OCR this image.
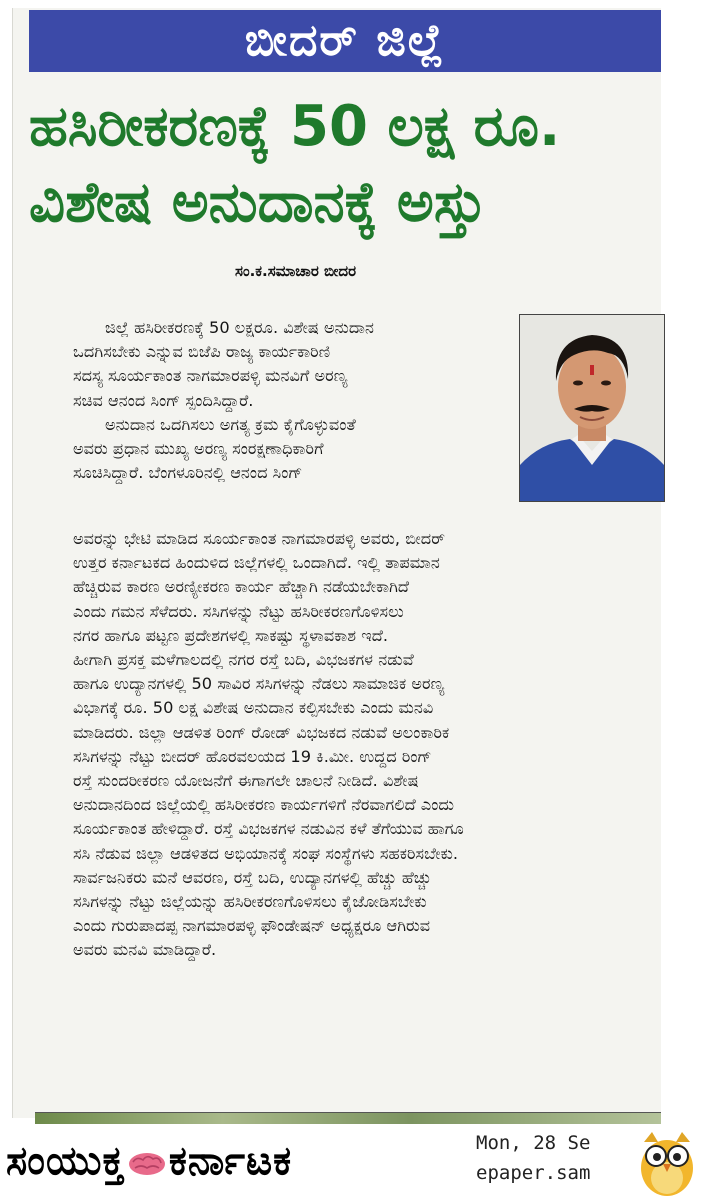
ಬೀದರ್ ಜಿಲ್ಲೆ
ಹಸಿರೀಕರಣಕ್ಕೆ 50 ಲಕ್ಷ ರೂ.
ವಿಶೇಷ ಅನುದಾನಕ್ಕೆ ಅಸ್ತು
ಸಂ.ಕ.ಸಮಾಚಾರ ಬೀದರ
ಜಿಲ್ಲೆ ಹಸಿರೀಕರಣಕ್ಕೆ 50 ಲಕ್ಷರೂ. ವಿಶೇಷ ಅನುದಾನ
ಒದಗಿಸಬೇಕು ಎನ್ನುವ ಬಿಜೆಪಿ ರಾಜ್ಯ ಕಾರ್ಯಕಾರಿಣಿ
ಸದಸ್ಯ ಸೂರ್ಯಕಾಂತ ನಾಗಮಾರಪಳ್ಳಿ ಮನವಿಗೆ ಅರಣ್ಯ
ಸಚಿವ ಆನಂದ ಸಿಂಗ್ ಸ್ಪಂದಿಸಿದ್ದಾರೆ.
ಅನುದಾನ ಒದಗಿಸಲು ಅಗತ್ಯ ಕ್ರಮ ಕೈಗೊಳ್ಳುವಂತೆ
ಅವರು ಪ್ರಧಾನ ಮುಖ್ಯ ಅರಣ್ಯ ಸಂರಕ್ಷಣಾಧಿಕಾರಿಗೆ
ಸೂಚಿಸಿದ್ದಾರೆ. ಬೆಂಗಳೂರಿನಲ್ಲಿ ಆನಂದ ಸಿಂಗ್
ಅವರನ್ನು ಭೇಟಿ ಮಾಡಿದ ಸೂರ್ಯಕಾಂತ ನಾಗಮಾರಪಳ್ಳಿ ಅವರು, ಬೀದರ್
ಉತ್ತರ ಕರ್ನಾಟಕದ ಹಿಂದುಳಿದ ಜಿಲ್ಲೆಗಳಲ್ಲಿ ಒಂದಾಗಿದೆ. ಇಲ್ಲಿ ತಾಪಮಾನ
ಹೆಚ್ಚಿರುವ ಕಾರಣ ಅರಣ್ಯೀಕರಣ ಕಾರ್ಯ ಹೆಚ್ಚಾಗಿ ನಡೆಯಬೇಕಾಗಿದೆ
ಎಂದು ಗಮನ ಸೆಳೆದರು. ಸಸಿಗಳನ್ನು ನೆಟ್ಟು ಹಸಿರೀಕರಣಗೊಳಿಸಲು
ನಗರ ಹಾಗೂ ಪಟ್ಟಣ ಪ್ರದೇಶಗಳಲ್ಲಿ ಸಾಕಷ್ಟು ಸ್ಥಳಾವಕಾಶ ಇದೆ.
ಹೀಗಾಗಿ ಪ್ರಸಕ್ತ ಮಳೆಗಾಲದಲ್ಲಿ ನಗರ ರಸ್ತೆ ಬದಿ, ವಿಭಜಕಗಳ ನಡುವೆ
ಹಾಗೂ ಉದ್ಯಾನಗಳಲ್ಲಿ 50 ಸಾವಿರ ಸಸಿಗಳನ್ನು ನೆಡಲು ಸಾಮಾಜಿಕ ಅರಣ್ಯ
ವಿಭಾಗಕ್ಕೆ ರೂ. 50 ಲಕ್ಷ ವಿಶೇಷ ಅನುದಾನ ಕಲ್ಪಿಸಬೇಕು ಎಂದು ಮನವಿ
ಮಾಡಿದರು. ಜಿಲ್ಲಾ ಆಡಳಿತ ರಿಂಗ್ ರೋಡ್ ವಿಭಜಕದ ನಡುವೆ ಅಲಂಕಾರಿಕ
ಸಸಿಗಳನ್ನು ನೆಟ್ಟು ಬೀದರ್ ಹೊರವಲಯದ 19 ಕಿ.ಮೀ. ಉದ್ದದ ರಿಂಗ್
ರಸ್ತೆ ಸುಂದರೀಕರಣ ಯೋಜನೆಗೆ ಈಗಾಗಲೇ ಚಾಲನೆ ನೀಡಿದೆ. ವಿಶೇಷ
ಅನುದಾನದಿಂದ ಜಿಲ್ಲೆಯಲ್ಲಿ ಹಸಿರೀಕರಣ ಕಾರ್ಯಗಳಿಗೆ ನೆರವಾಗಲಿದೆ ಎಂದು
ಸೂರ್ಯಕಾಂತ ಹೇಳಿದ್ದಾರೆ. ರಸ್ತೆ ವಿಭಜಕಗಳ ನಡುವಿನ ಕಳೆ ತೆಗೆಯುವ ಹಾಗೂ
ಸಸಿ ನೆಡುವ ಜಿಲ್ಲಾ ಆಡಳಿತದ ಅಭಿಯಾನಕ್ಕೆ ಸಂಘ ಸಂಸ್ಥೆಗಳು ಸಹಕರಿಸಬೇಕು.
ಸಾರ್ವಜನಿಕರು ಮನೆ ಆವರಣ, ರಸ್ತೆ ಬದಿ, ಉದ್ಯಾನಗಳಲ್ಲಿ ಹೆಚ್ಚು ಹೆಚ್ಚು
ಸಸಿಗಳನ್ನು ನೆಟ್ಟು ಜಿಲ್ಲೆಯನ್ನು ಹಸಿರೀಕರಣಗೊಳಿಸಲು ಕೈಜೋಡಿಸಬೇಕು
ಎಂದು ಗುರುಪಾದಪ್ಪ ನಾಗಮಾರಪಳ್ಳಿ ಫೌಂಡೇಷನ್ ಅಧ್ಯಕ್ಷರೂ ಆಗಿರುವ
ಅವರು ಮನವಿ ಮಾಡಿದ್ದಾರೆ.
ಸಂಯುಕ್ತ ಕರ್ನಾಟಕ	Mon, 28 Se
epaper.sam
